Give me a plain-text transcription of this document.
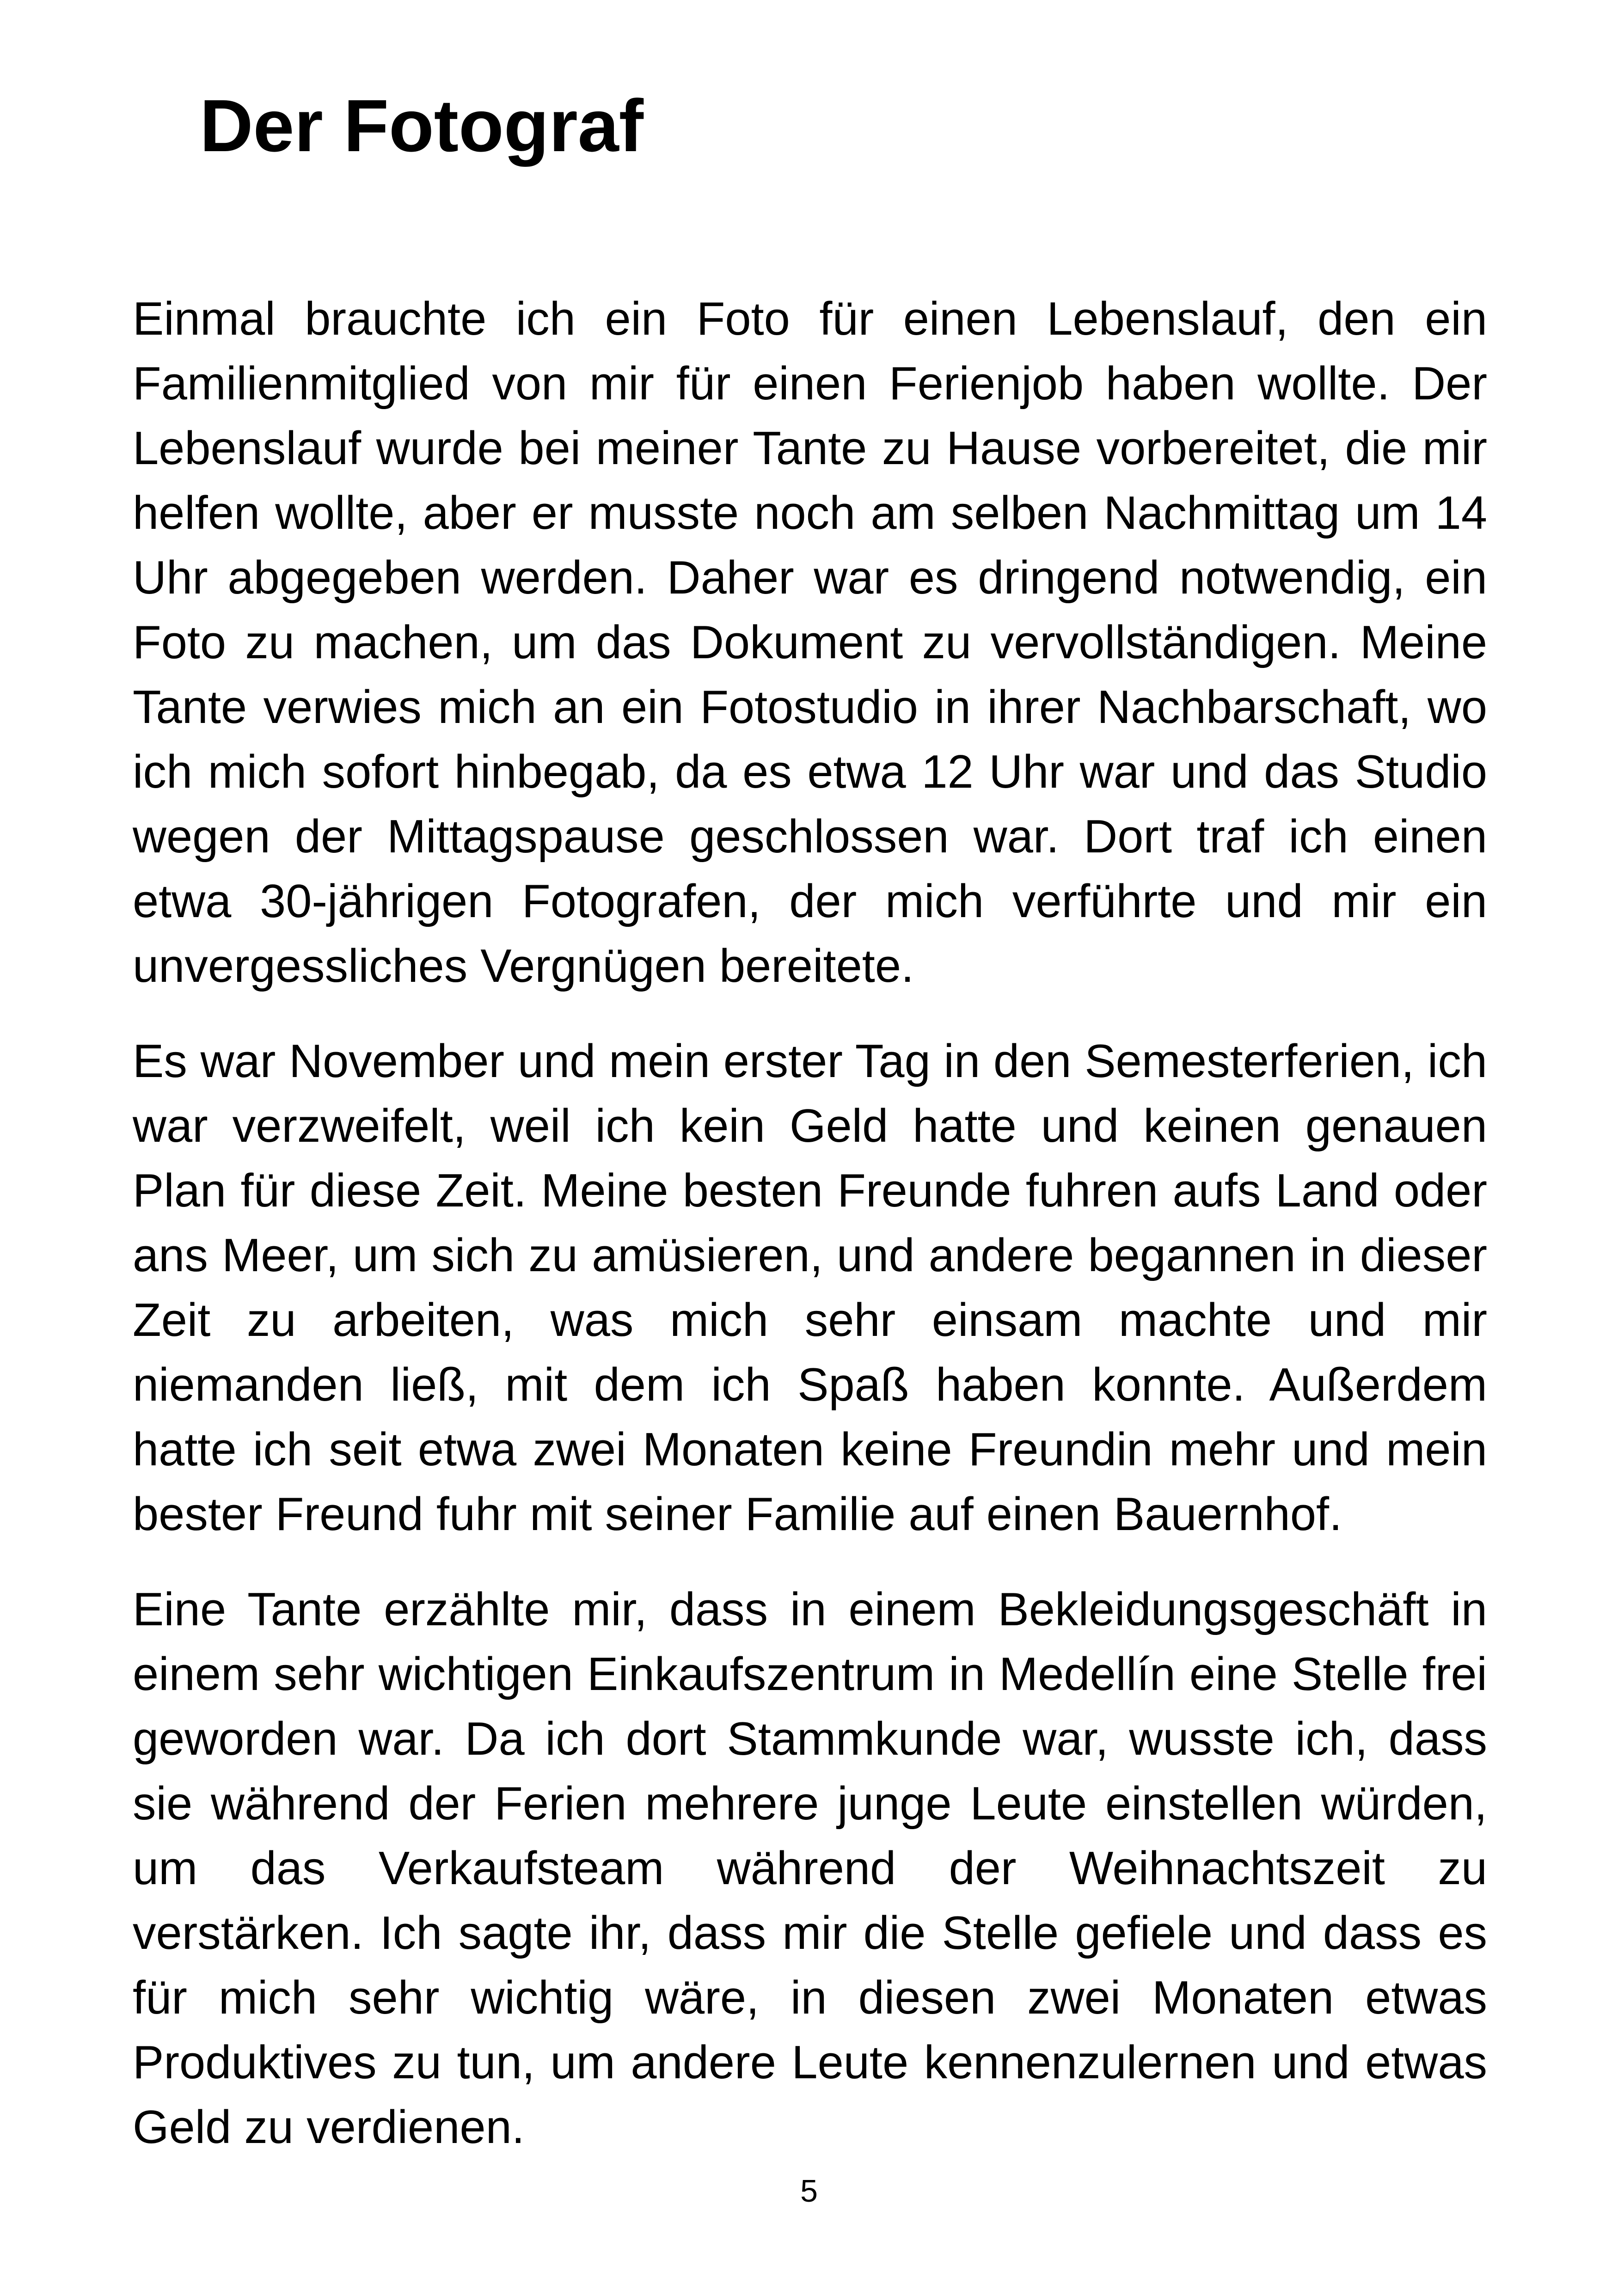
Der Fotograf

Einmal brauchte ich ein Foto für einen Lebenslauf, den ein Familienmitglied von mir für einen Ferienjob haben wollte. Der Lebenslauf wurde bei meiner Tante zu Hause vorbereitet, die mir helfen wollte, aber er musste noch am selben Nachmittag um 14 Uhr abgegeben werden. Daher war es dringend notwendig, ein Foto zu machen, um das Dokument zu vervollständigen. Meine Tante verwies mich an ein Fotostudio in ihrer Nachbarschaft, wo ich mich sofort hinbegab, da es etwa 12 Uhr war und das Studio wegen der Mittagspause geschlossen war. Dort traf ich einen etwa 30-jährigen Fotografen, der mich verführte und mir ein unvergessliches Vergnügen bereitete.

Es war November und mein erster Tag in den Semesterferien, ich war verzweifelt, weil ich kein Geld hatte und keinen genauen Plan für diese Zeit. Meine besten Freunde fuhren aufs Land oder ans Meer, um sich zu amüsieren, und andere begannen in dieser Zeit zu arbeiten, was mich sehr einsam machte und mir niemanden ließ, mit dem ich Spaß haben konnte. Außerdem hatte ich seit etwa zwei Monaten keine Freundin mehr und mein bester Freund fuhr mit seiner Familie auf einen Bauernhof.

Eine Tante erzählte mir, dass in einem Bekleidungsgeschäft in einem sehr wichtigen Einkaufszentrum in Medellín eine Stelle frei geworden war. Da ich dort Stammkunde war, wusste ich, dass sie während der Ferien mehrere junge Leute einstellen würden, um das Verkaufsteam während der Weihnachtszeit zu verstärken. Ich sagte ihr, dass mir die Stelle gefiele und dass es für mich sehr wichtig wäre, in diesen zwei Monaten etwas Produktives zu tun, um andere Leute kennenzulernen und etwas Geld zu verdienen.

5
